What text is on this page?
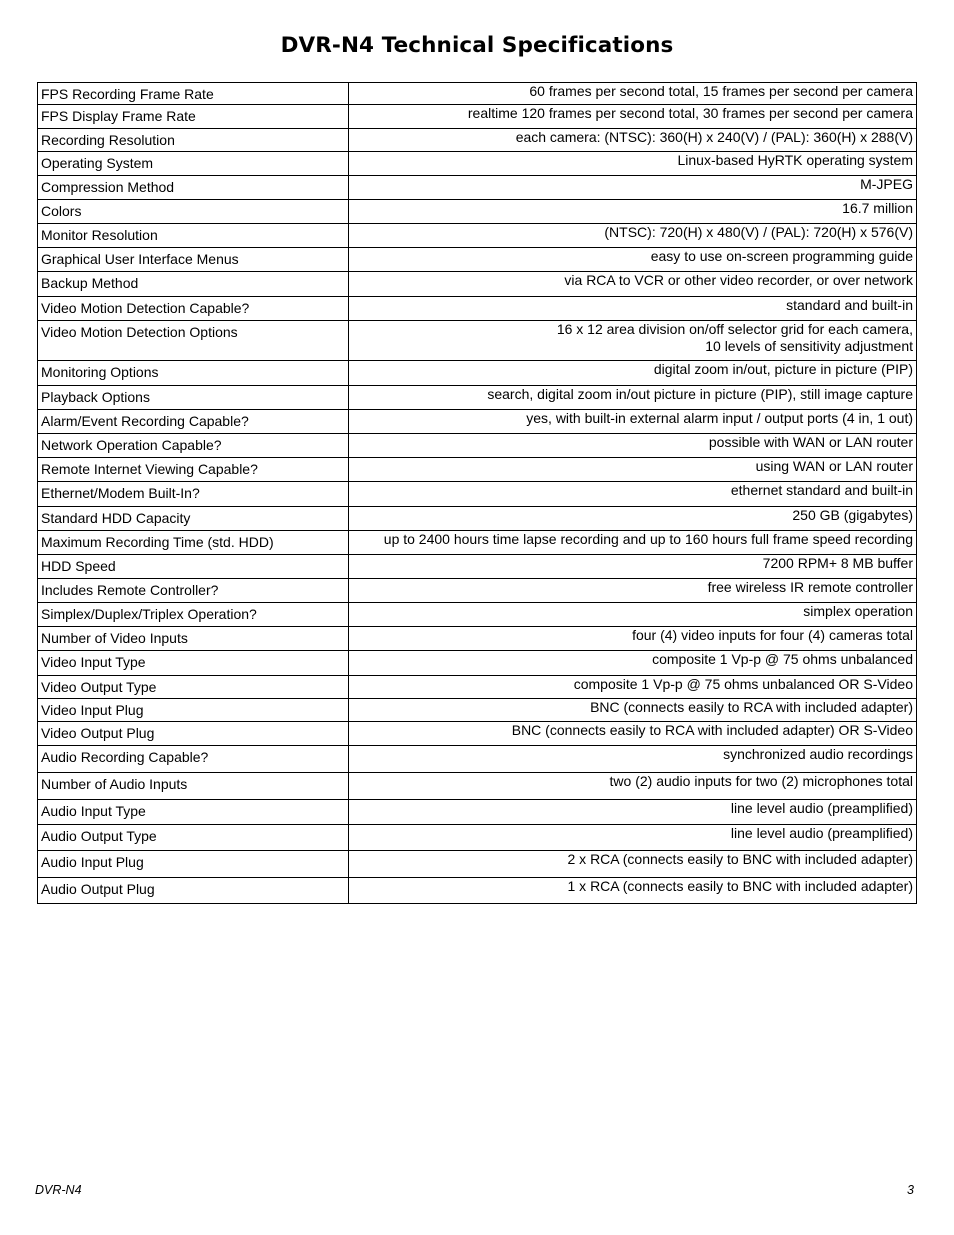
DVR-N4 Technical Specifications
FPS Recording Frame Rate	60 frames per second total, 15 frames per second per camera
FPS Display Frame Rate	realtime 120 frames per second total, 30 frames per second per camera
Recording Resolution	each camera: (NTSC): 360(H) x 240(V) / (PAL): 360(H) x 288(V)
Operating System	Linux-based HyRTK operating system
Compression Method	M-JPEG
Colors	16.7 million
Monitor Resolution	(NTSC): 720(H) x 480(V) / (PAL): 720(H) x 576(V)
Graphical User Interface Menus	easy to use on-screen programming guide
Backup Method	via RCA to VCR or other video recorder, or over network
Video Motion Detection Capable?	standard and built-in
Video Motion Detection Options	16 x 12 area division on/off selector grid for each camera,
10 levels of sensitivity adjustment
Monitoring Options	digital zoom in/out, picture in picture (PIP)
Playback Options	search, digital zoom in/out picture in picture (PIP), still image capture
Alarm/Event Recording Capable?	yes, with built-in external alarm input / output ports (4 in, 1 out)
Network Operation Capable?	possible with WAN or LAN router
Remote Internet Viewing Capable?	using WAN or LAN router
Ethernet/Modem Built-In?	ethernet standard and built-in
Standard HDD Capacity	250 GB (gigabytes)
Maximum Recording Time (std. HDD)	up to 2400 hours time lapse recording and up to 160 hours full frame speed recording
HDD Speed	7200 RPM+ 8 MB buffer
Includes Remote Controller?	free wireless IR remote controller
Simplex/Duplex/Triplex Operation?	simplex operation
Number of Video Inputs	four (4) video inputs for four (4) cameras total
Video Input Type	composite 1 Vp-p @ 75 ohms unbalanced
Video Output Type	composite 1 Vp-p @ 75 ohms unbalanced OR S-Video
Video Input Plug	BNC (connects easily to RCA with included adapter)
Video Output Plug	BNC (connects easily to RCA with included adapter) OR S-Video
Audio Recording Capable?	synchronized audio recordings
Number of Audio Inputs	two (2) audio inputs for two (2) microphones total
Audio Input Type	line level audio (preamplified)
Audio Output Type	line level audio (preamplified)
Audio Input Plug	2 x RCA (connects easily to BNC with included adapter)
Audio Output Plug	1 x RCA (connects easily to BNC with included adapter)
DVR-N4	3
